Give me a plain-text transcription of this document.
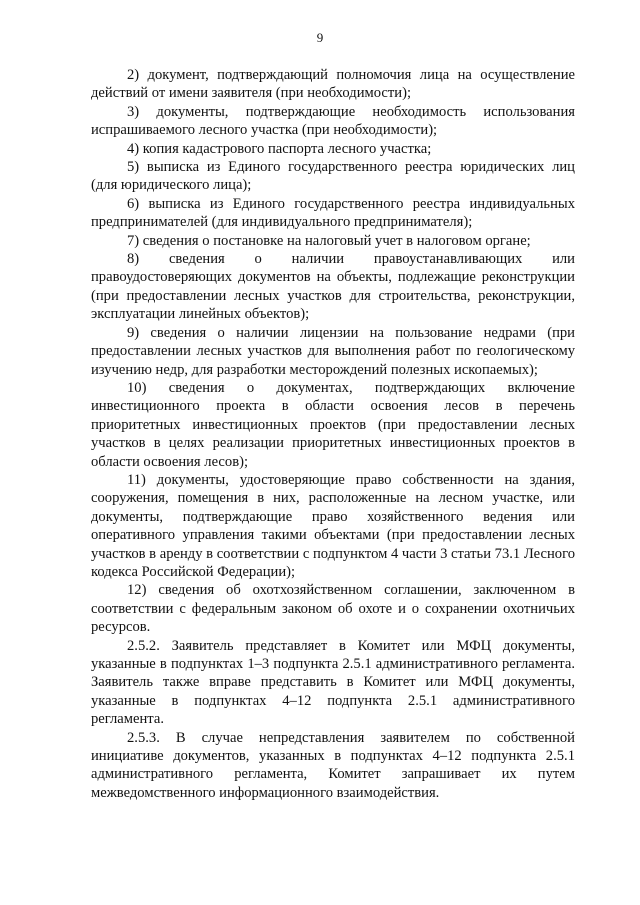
9

2) документ, подтверждающий полномочия лица на осуществление действий от имени заявителя (при необходимости);

3) документы, подтверждающие необходимость использования испрашиваемого лесного участка (при необходимости);

4) копия кадастрового паспорта лесного участка;

5) выписка из Единого государственного реестра юридических лиц (для юридического лица);

6) выписка из Единого государственного реестра индивидуальных предпринимателей (для индивидуального предпринимателя);

7) сведения о постановке на налоговый учет в налоговом органе;

8) сведения о наличии правоустанавливающих или правоудостоверяющих документов на объекты, подлежащие реконструкции (при предоставлении лесных участков для строительства, реконструкции, эксплуатации линейных объектов);

9) сведения о наличии лицензии на пользование недрами (при предоставлении лесных участков для выполнения работ по геологическому изучению недр, для разработки месторождений полезных ископаемых);

10) сведения о документах, подтверждающих включение инвестиционного проекта в области освоения лесов в перечень приоритетных инвестиционных проектов (при предоставлении лесных участков в целях реализации приоритетных инвестиционных проектов в области освоения лесов);

11) документы, удостоверяющие право собственности на здания, сооружения, помещения в них, расположенные на лесном участке, или документы, подтверждающие право хозяйственного ведения или оперативного управления такими объектами (при предоставлении лесных участков в аренду в соответствии с подпунктом 4 части 3 статьи 73.1 Лесного кодекса Российской Федерации);

12) сведения об охотхозяйственном соглашении, заключенном в соответствии с федеральным законом об охоте и о сохранении охотничьих ресурсов.

2.5.2. Заявитель представляет в Комитет или МФЦ документы, указанные в подпунктах 1–3 подпункта 2.5.1 административного регламента. Заявитель также вправе представить в Комитет или МФЦ документы, указанные в подпунктах 4–12 подпункта 2.5.1 административного регламента.

2.5.3. В случае непредставления заявителем по собственной инициативе документов, указанных в подпунктах 4–12 подпункта 2.5.1 административного регламента, Комитет запрашивает их путем межведомственного информационного взаимодействия.
